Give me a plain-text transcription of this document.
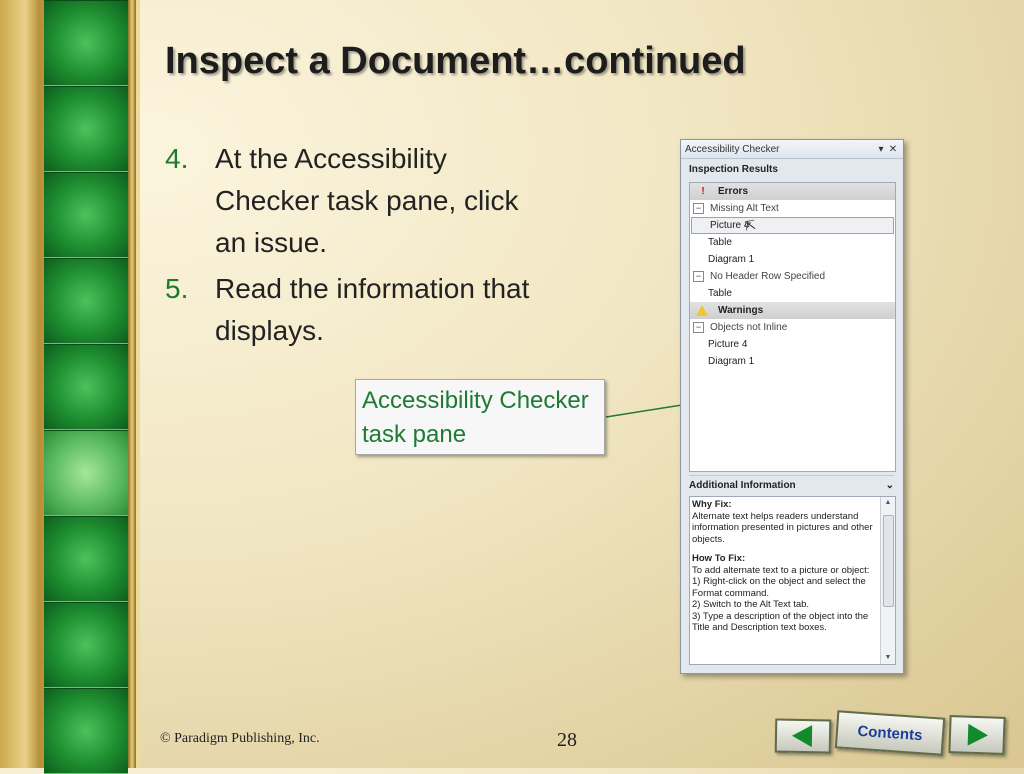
Inspect a Document…continued
4. At the Accessibility Checker task pane, click an issue.
5. Read the information that displays.
Accessibility Checker task pane
Accessibility Checker	▾ ✕
Inspection Results
!	Errors
− Missing Alt Text
Picture 4
⇱
Table
Diagram 1
− No Header Row Specified
Table
Warnings
− Objects not Inline
Picture 4
Diagram 1
Additional Information	⌄
Why Fix:
Alternate text helps readers understand information presented in pictures and other objects.
How To Fix:
To add alternate text to a picture or object:
1) Right-click on the object and select the Format command.
2) Switch to the Alt Text tab.
3) Type a description of the object into the Title and Description text boxes.
▲
▼
© Paradigm Publishing, Inc.	28	Contents
